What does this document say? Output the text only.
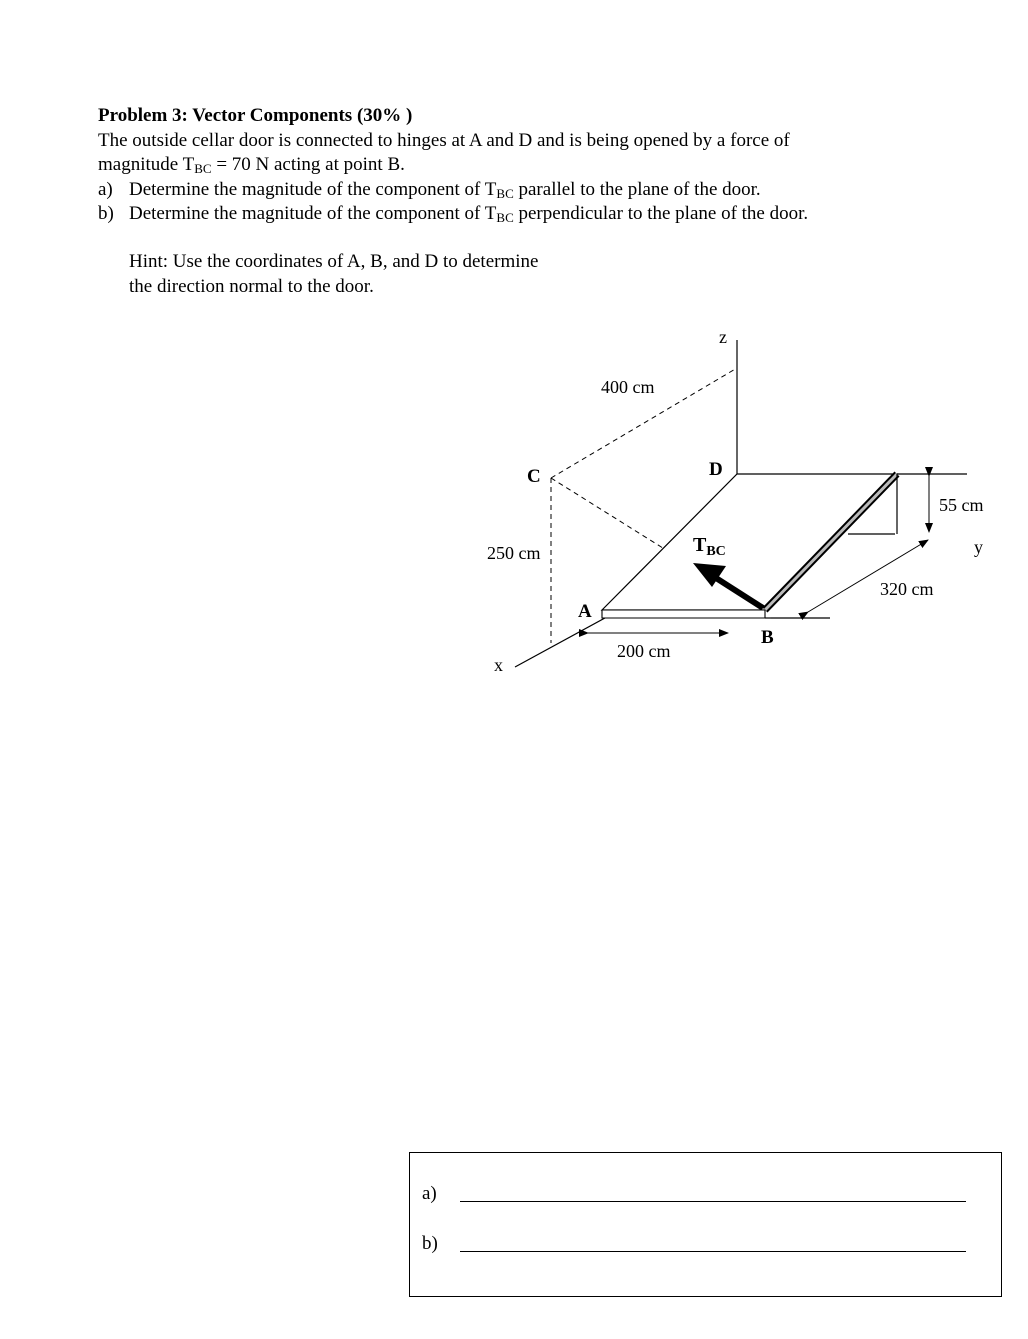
Problem 3: Vector Components (30% )

The outside cellar door is connected to hinges at A and D and is being opened by a force of

magnitude $T_{BC} = 70$ N acting at point B.

a) Determine the magnitude of the component of $T_{BC}$ parallel to the plane of the door.
b) Determine the magnitude of the component of $T_{BC}$ perpendicular to the plane of the door.

Hint: Use the coordinates of A, B, and D to determine

the direction normal to the door.

z
x
y
C	D
A
B
$T_{BC}$
400 cm
250 cm
200 cm
320 cm
55 cm
a)
b)
